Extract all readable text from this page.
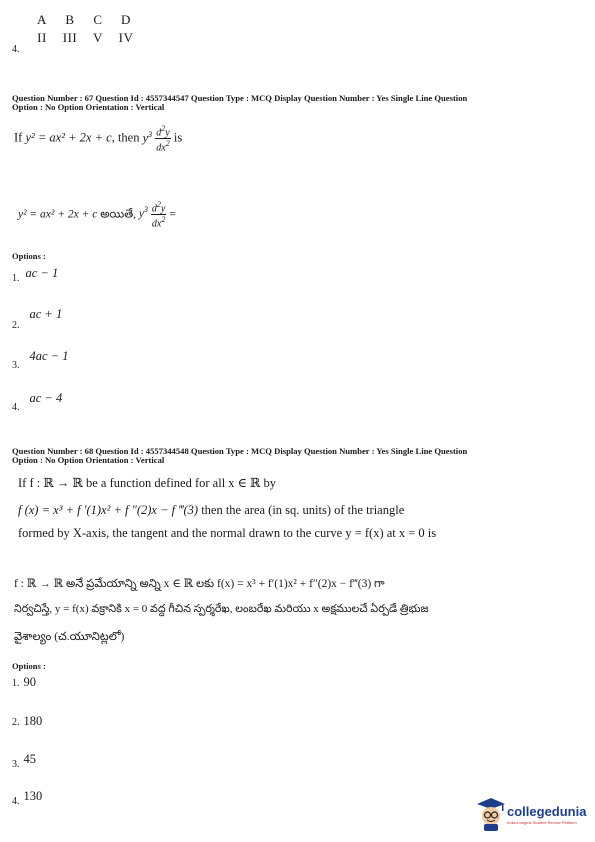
A	B	C	D
II	III	V	IV
4.
Question Number : 67 Question Id : 4557344547 Question Type : MCQ Display Question Number : Yes Single Line Question
Option : No Option Orientation : Vertical
If y² = ax² + 2x + c, then $y^3 \frac{d^2y}{dx^2}$ is
y² = ax² + 2x + c అయితే, $y^3 \frac{d^2y}{dx^2}$ =
Options :
$_{1.}$ ac − 1
$_{2.}$ ac + 1
$_{3.}$ 4ac − 1
$_{4.}$ ac − 4
Question Number : 68 Question Id : 4557344548 Question Type : MCQ Display Question Number : Yes Single Line Question
Option : No Option Orientation : Vertical
If f : ℝ → ℝ be a function defined for all x ∈ ℝ by
f (x) = x³ + f ′(1)x² + f ″(2)x − f ‴(3) then the area (in sq. units) of the triangle
formed by X-axis, the tangent and the normal drawn to the curve y = f(x) at x = 0 is
f : ℝ → ℝ అనే ప్రమేయాన్ని అన్ని x ∈ ℝ లకు f(x) = x³ + f′(1)x² + f″(2)x − f‴(3) గా
నిర్వచిస్తే, y = f(x) వక్రానికి x = 0 వద్ద గీచిన స్పర్శరేఖ, లంబరేఖ మరియు x అక్షములచే ఏర్పడే త్రిభుజ
వైశాల్యం (చ.యూనిట్లలో)
Options :
1. 90
2. 180
$_{3.}$ 45
$_{4.}$ 130
collegedunia
India's largest Student Review Platform
